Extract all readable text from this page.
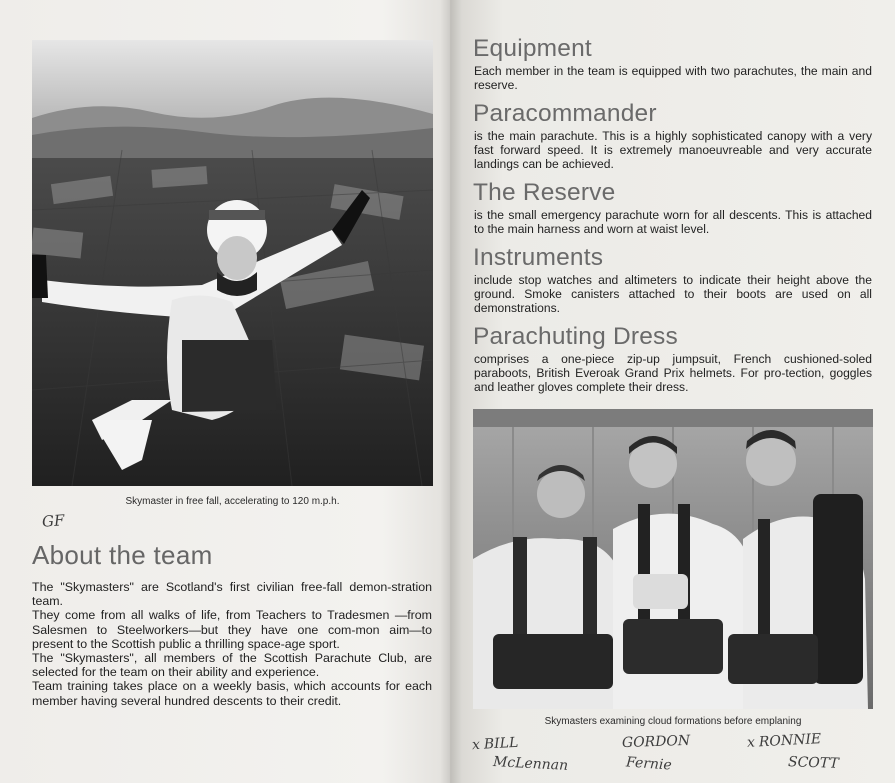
Skymaster in free fall, accelerating to 120 m.p.h.
GF
About the team

The "Skymasters" are Scotland's first civilian free-fall demon-stration team.

They come from all walks of life, from Teachers to Tradesmen —from Salesmen to Steelworkers—but they have one com-mon aim—to present to the Scottish public a thrilling space-age sport.

The "Skymasters", all members of the Scottish Parachute Club, are selected for the team on their ability and experience.

Team training takes place on a weekly basis, which accounts for each member having several hundred descents to their credit.

Equipment

Each member in the team is equipped with two parachutes, the main and reserve.

Paracommander

is the main parachute. This is a highly sophisticated canopy with a very fast forward speed. It is extremely manoeuvreable and very accurate landings can be achieved.

The Reserve

is the small emergency parachute worn for all descents. This is attached to the main harness and worn at waist level.

Instruments

include stop watches and altimeters to indicate their height above the ground. Smoke canisters attached to their boots are used on all demonstrations.

Parachuting Dress

comprises a one-piece zip-up jumpsuit, French cushioned-soled paraboots, British Everoak Grand Prix helmets. For pro-tection, goggles and leather gloves complete their dress.

Skymasters examining cloud formations before emplaning
x BILL
McLennan
GORDON
Fernie
x RONNIE
SCOTT
